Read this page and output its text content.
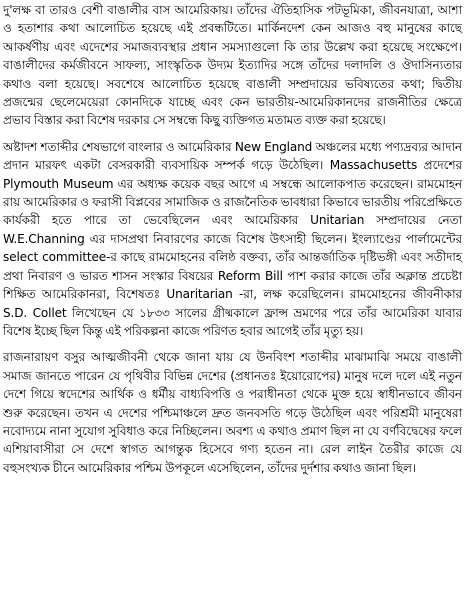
দু'লক্ষ বা তারও বেশী বাঙালীর বাস আমেরিকায়। তাঁদের ঐতিহাসিক পটভূমিকা, জীবনযাত্রা, আশা ও হতাশার কথা আলোচিত হয়েছে এই প্রবন্ধটিতে। মার্কিনদেশ কেন আজও বহু মানুষের কাছে আকর্ষণীয় এবং এদেশের সমাজব্যবস্থার প্রধান সমস্যাগুলো কি তার উল্লেখ করা হয়েছে সংক্ষেপে। বাঙালীদের কর্মজীবনে সাফল্য, সাংস্কৃতিক উদ্যম ইত্যাদির সঙ্গে তাঁদের দলাদলি ও ঔদাসিন্যতার কথাও বলা হয়েছে। সবশেষে আলোচিত হয়েছে বাঙালী সম্প্রদায়ের ভবিষ্যতের কথা; দ্বিতীয় প্রজন্মের ছেলেমেয়েরা কোনদিকে যাচ্ছে এবং কেন ভারতীয়-আমেরিকানদের রাজনীতির ক্ষেত্রে প্রভাব বিস্তার করা বিশেষ দরকার সে সম্বন্ধে কিছু ব্যক্তিগত মতামত ব্যক্ত করা হয়েছে।

অষ্টাদশ শতাব্দীর শেষভাগে বাংলার ও আমেরিকার New England অঞ্চলের মধ্যে পণ্যদ্রব্যর আদান প্রদান মারফৎ একটা বেসরকারী ব্যবসায়িক সম্পর্ক গড়ে উঠেছিল। Massachusetts প্রদেশের Plymouth Museum এর অধ্যক্ষ কয়েক বছর আগে এ সম্বন্ধে আলোকপাত করেছেন। রামমোহন রায় আমেরিকার ও ফরাসী বিপ্লবের সামাজিক ও রাজনৈতিক ভাবধারা কিভাবে ভারতীয় পরিপ্রেক্ষিতে কার্যকরী হতে পারে তা ভেবেছিলেন এবং আমেরিকার Unitarian সম্প্রদায়ের নেতা W.E.Channing এর দাসপ্রথা নিবারণের কাজে বিশেষ উৎসাহী ছিলেন। ইংল্যাণ্ডের পার্লামেন্টের select committee-র কাছে রামমোহনের বলিষ্ঠ বক্তব্য, তাঁর আন্তর্জাতিক দৃষ্টিভঙ্গী এবং সতীদাহ প্রথা নিবারণ ও ভারত শাসন সংস্কার বিষয়ের Reform Bill পাশ করার কাজে তাঁর অক্লান্ত প্রচেষ্টা শিক্ষিত আমেরিকানরা, বিশেষতঃ Unaritarian -রা, লক্ষ করেছিলেন। রামমোহনের জীবনীকার S.D. Collet লিখেছেন যে ১৮৩৩ সালের গ্রীষ্মকালে ফ্রান্স ভ্রমণের পরে তাঁর আমেরিকা যাবার বিশেষ ইচ্ছে ছিল কিন্তু এই পরিকল্পনা কাজে পরিণত হবার আগেই তাঁর মৃত্যু হয়।

রাজনারায়ণ বসুর আত্মজীবনী থেকে জানা যায় যে উনবিংশ শতাব্দীর মাঝামাঝি সময়ে বাঙালী সমাজ জানতে পারেন যে পৃথিবীর বিভিন্ন দেশের (প্রধানতঃ ইয়োরোপের) মানুষ দলে দলে এই নতুন দেশে গিয়ে স্বদেশের আর্থিক ও ধর্মীয় বাধ্যবিপত্তি ও পরাধীনতা থেকে মুক্ত হয়ে স্বাধীনভাবে জীবন শুরু করেছেন। তখন এ দেশের পশ্চিমাঞ্চলে দ্রুত জনবসতি গড়ে উঠেছিল এবং পরিশ্রমী মানুষেরা নবোদ্যমে নানা সুযোগ সুবিধাও করে নিচ্ছিলেন। অবশ্য এ কথাও প্রমাণ ছিল না যে বর্ণবিদ্বেষের ফলে এশিয়াবাসীরা সে দেশে স্বাগত আগন্তুক হিসেবে গণ্য হতেন না। রেল লাইন তৈরীর কাজে যে বহুসংখ্যক চীনে আমেরিকার পশ্চিম উপকূলে এসেছিলেন, তাঁদের দুর্দশার কথাও জানা ছিল।
